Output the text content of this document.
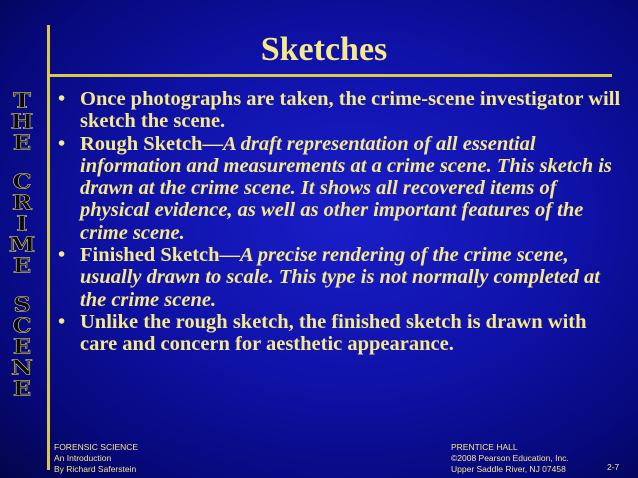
Sketches
T
H
E
C
R
I
M
E
S
C
E
N
E
• Once photographs are taken, the crime-scene investigator will sketch the scene.
• Rough Sketch—A draft representation of all essential information and measurements at a crime scene. This sketch is drawn at the crime scene. It shows all recovered items of physical evidence, as well as other important features of the crime scene.
• Finished Sketch—A precise rendering of the crime scene, usually drawn to scale. This type is not normally completed at the crime scene.
• Unlike the rough sketch, the finished sketch is drawn with care and concern for aesthetic appearance.
FORENSIC SCIENCE
An Introduction
By Richard Saferstein
PRENTICE HALL
©2008 Pearson Education, Inc.
Upper Saddle River, NJ 07458	2-7
